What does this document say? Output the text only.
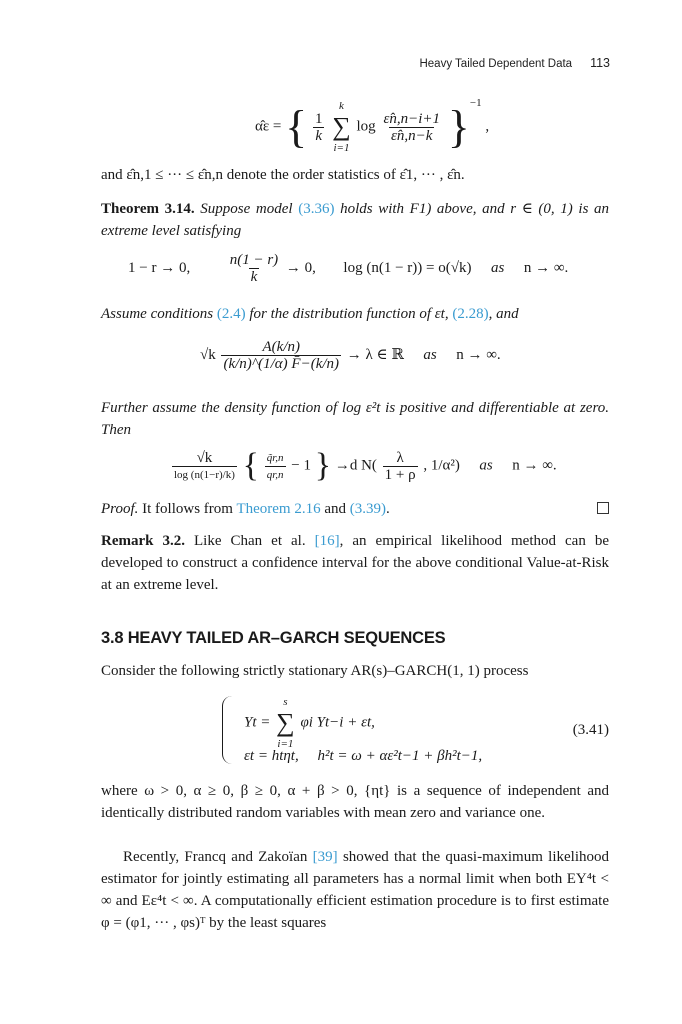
Heavy Tailed Dependent Data 113
α̂ε = { $\frac{1}{k}$

k
∑
i=1
$\log \frac{\varepsilon̂n,n-i+1}{\varepsilon̂n,n-k} \}^{-1}$ ,
and ε̂n,1 ≤ ··· ≤ ε̂n,n denote the order statistics of ε̂1, ··· , ε̂n.
Theorem 3.14. Suppose model (3.36) holds with F1) above, and r ∈ (0, 1) is an extreme level satisfying
1 − r → 0,	$\frac{n(1 - r)}{k} \to 0$, log (n(1 − r)) = o(√k) as n → ∞.
Assume conditions (2.4) for the distribution function of εt, (2.28), and
$√k \frac{A(k/n)}{(k/n)\^{}(1/\alpha) F̄-(k/n)} \to \lambda$ ∈ ℝ as n → ∞.
Further assume the density function of log ε²t is positive and differentiable at zero. Then
$\frac{√k}{\log (n(1-r)/k)}$ { $\frac{q̃r,n}{qr,n} - 1$ } →d $N( \frac{\lambda}{1 + \rho}$ , 1/α²) as n → ∞.
Proof. It follows from Theorem 2.16 and (3.39).
Remark 3.2. Like Chan et al. [16], an empirical likelihood method can be developed to construct a confidence interval for the above conditional Value-at-Risk at an extreme level.
3.8 HEAVY TAILED AR–GARCH SEQUENCES
Consider the following strictly stationary AR(s)–GARCH(1, 1) process
Yt =
s
∑
i=1
φi Yt−i + εt,
εt = htηt,     h²t = ω + αε²t−1 + βh²t−1,
(3.41)
where ω > 0, α ≥ 0, β ≥ 0, α + β > 0, {ηt} is a sequence of independent and identically distributed random variables with mean zero and variance one.
Recently, Francq and Zakoïan [39] showed that the quasi-maximum likelihood estimator for jointly estimating all parameters has a normal limit when both EY⁴t < ∞ and Eε⁴t < ∞. A computationally efficient estimation procedure is to first estimate φ = (φ1, ··· , φs)ᵀ by the least squares
